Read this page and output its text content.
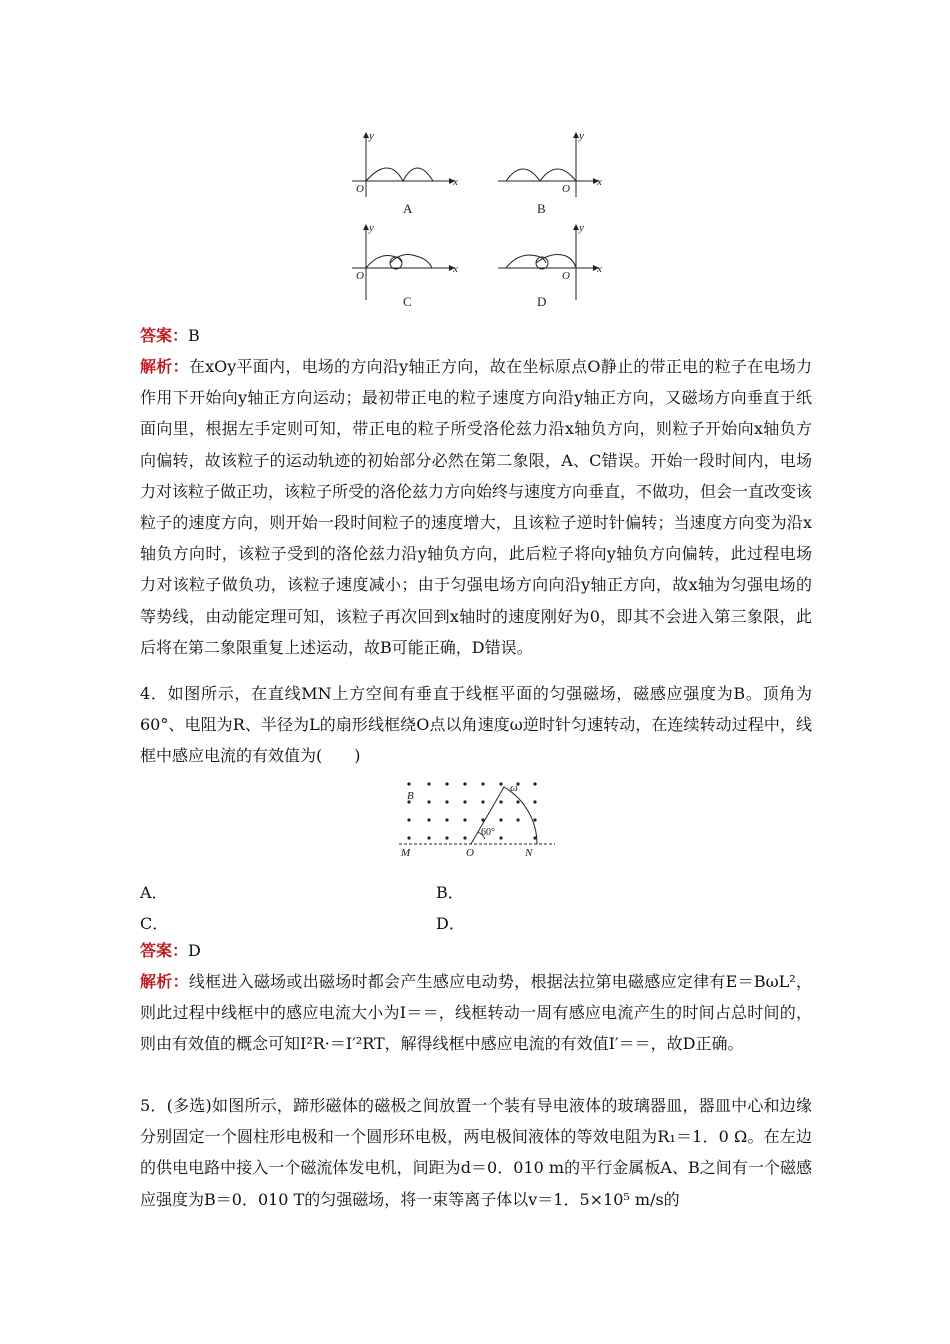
y
x
O
y
x
O
y
x
O
y
x
O
A	B
C	D
答案：B
解析：在xOy平面内，电场的方向沿y轴正方向，故在坐标原点O静止的带正电的粒子在电场力作用下开始向y轴正方向运动；最初带正电的粒子速度方向沿y轴正方向，又磁场方向垂直于纸面向里，根据左手定则可知，带正电的粒子所受洛伦兹力沿x轴负方向，则粒子开始向x轴负方向偏转，故该粒子的运动轨迹的初始部分必然在第二象限，A、C错误。开始一段时间内，电场力对该粒子做正功，该粒子所受的洛伦兹力方向始终与速度方向垂直，不做功，但会一直改变该粒子的速度方向，则开始一段时间粒子的速度增大，且该粒子逆时针偏转；当速度方向变为沿x轴负方向时，该粒子受到的洛伦兹力沿y轴负方向，此后粒子将向y轴负方向偏转，此过程电场力对该粒子做负功，该粒子速度减小；由于匀强电场方向向沿y轴正方向，故x轴为匀强电场的等势线，由动能定理可知，该粒子再次回到x轴时的速度刚好为0，即其不会进入第三象限，此后将在第二象限重复上述运动，故B可能正确，D错误。
4．如图所示，在直线MN上方空间有垂直于线框平面的匀强磁场，磁感应强度为B。顶角为60°、电阻为R、半径为L的扇形线框绕O点以角速度ω逆时针匀速转动，在连续转动过程中，线框中感应电流的有效值为(　　)
B
ω
60°
M	O	N
A．	B．
C．	D．
答案：D
解析：线框进入磁场或出磁场时都会产生感应电动势，根据法拉第电磁感应定律有E＝BωL²，则此过程中线框中的感应电流大小为I＝＝，线框转动一周有感应电流产生的时间占总时间的，则由有效值的概念可知I²R·＝I′²RT，解得线框中感应电流的有效值I′＝＝，故D正确。
5．(多选)如图所示，蹄形磁体的磁极之间放置一个装有导电液体的玻璃器皿，器皿中心和边缘分别固定一个圆柱形电极和一个圆形环电极，两电极间液体的等效电阻为R₁＝1．0 Ω。在左边的供电电路中接入一个磁流体发电机，间距为d＝0．010 m的平行金属板A、B之间有一个磁感应强度为B＝0．010 T的匀强磁场，将一束等离子体以v＝1．5×10⁵ m/s的
